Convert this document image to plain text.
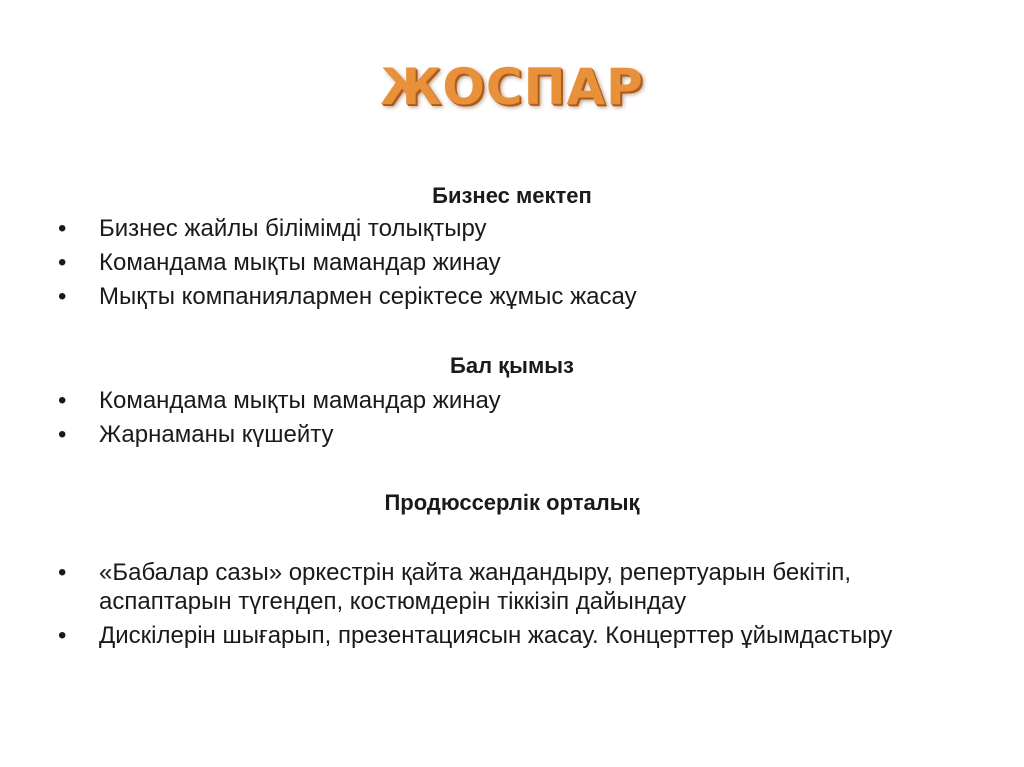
ЖОСПАР
Бизнес мектеп
• Бизнес жайлы білімімді толықтыру
• Командама мықты мамандар жинау
• Мықты компаниялармен серіктесе жұмыс жасау
Бал қымыз
• Командама мықты мамандар жинау
• Жарнаманы күшейту
Продюссерлік орталық
• «Бабалар сазы» оркестрін қайта жандандыру, репертуарын бекітіп, аспаптарын түгендеп, костюмдерін тіккізіп дайындау
• Дискілерін шығарып, презентациясын жасау. Концерттер ұйымдастыру
